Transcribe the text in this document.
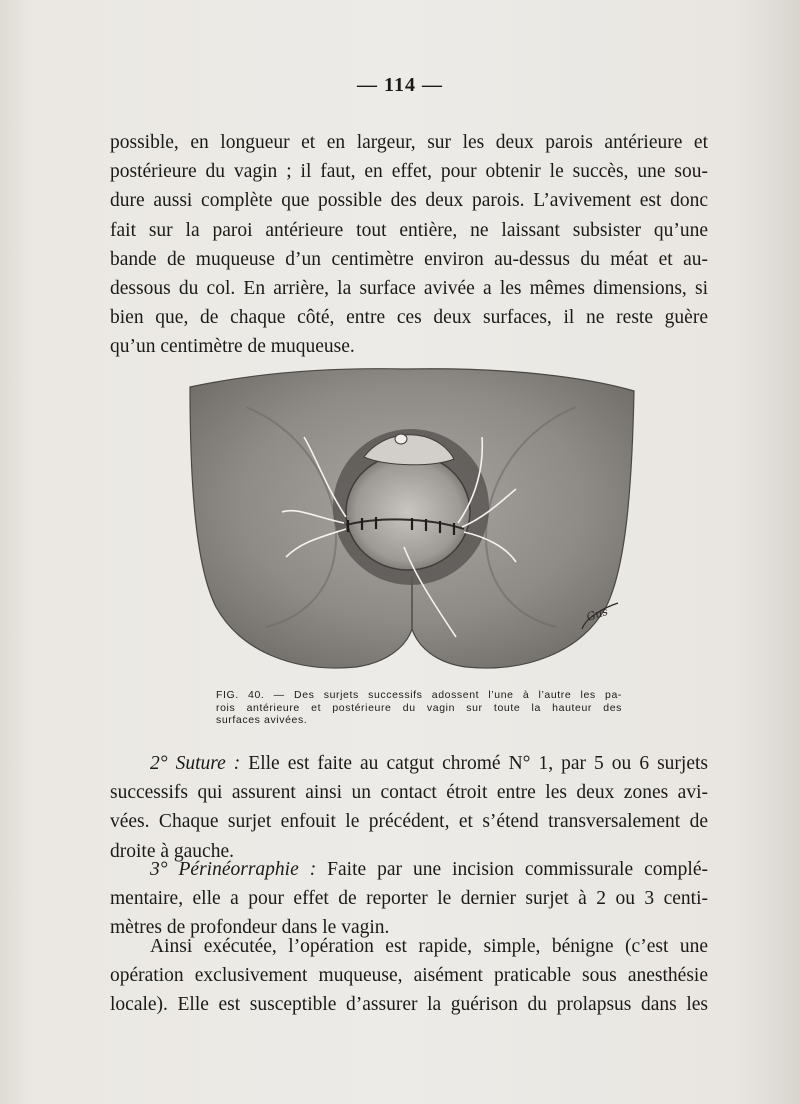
— 114 —

possible, en longueur et en largeur, sur les deux parois antérieure et
postérieure du vagin ; il faut, en effet, pour obtenir le succès, une sou-
dure aussi complète que possible des deux parois. L’avivement est donc
fait sur la paroi antérieure tout entière, ne laissant subsister qu’une
bande de muqueuse d’un centimètre environ au-dessus du méat et au-
dessous du col. En arrière, la surface avivée a les mêmes dimensions, si
bien que, de chaque côté, entre ces deux surfaces, il ne reste guère
qu’un centimètre de muqueuse.

Gus
FIG. 40. — Des surjets successifs adossent l’une à l’autre les pa-
rois antérieure et postérieure du vagin sur toute la hauteur des
surfaces avivées.

2° Suture : Elle est faite au catgut chromé N° 1, par 5 ou 6 surjets
successifs qui assurent ainsi un contact étroit entre les deux zones avi-
vées. Chaque surjet enfouit le précédent, et s’étend transversalement de
droite à gauche.

3° Périnéorraphie : Faite par une incision commissurale complé-
mentaire, elle a pour effet de reporter le dernier surjet à 2 ou 3 centi-
mètres de profondeur dans le vagin.

Ainsi exécutée, l’opération est rapide, simple, bénigne (c’est une
opération exclusivement muqueuse, aisément praticable sous anesthésie
locale). Elle est susceptible d’assurer la guérison du prolapsus dans les
